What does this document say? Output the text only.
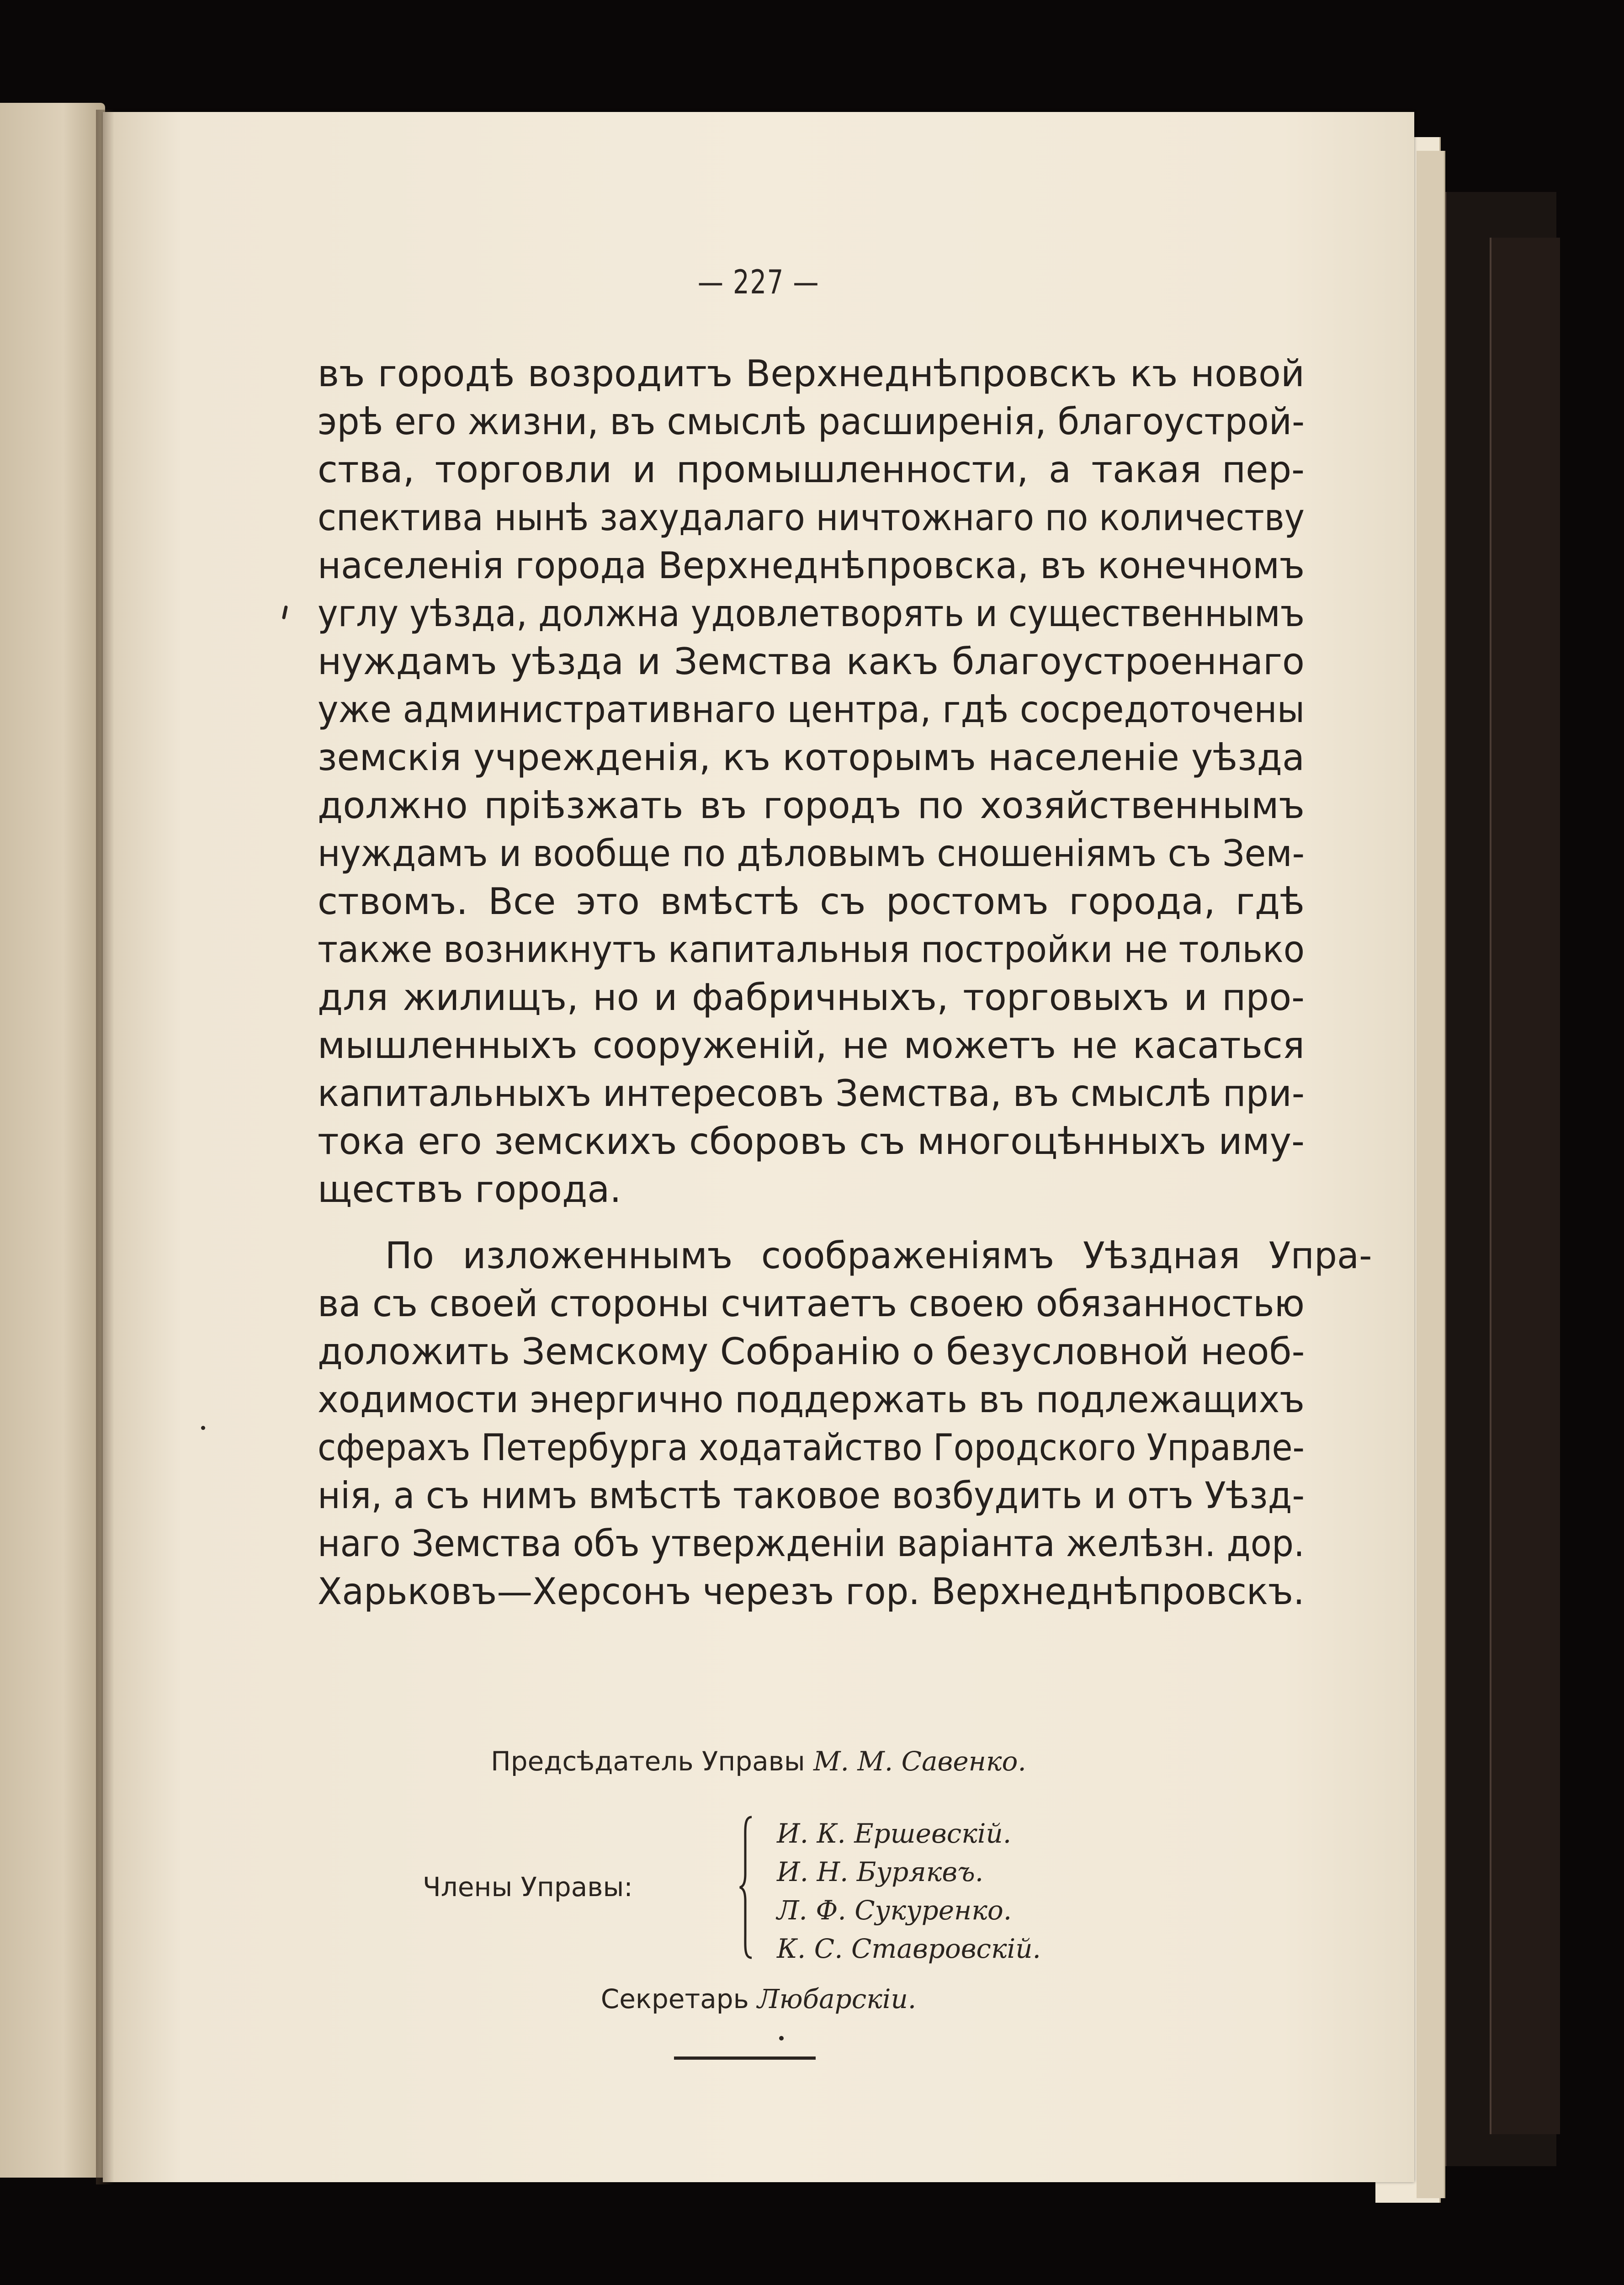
— 227 —
въ городѣ возродитъ Верхнеднѣпровскъ къ новой
эрѣ его жизни, въ смыслѣ расширенія, благоустрой-
ства, торговли и промышленности, а такая пер-
спектива нынѣ захудалаго ничтожнаго по количеству
населенія города Верхнеднѣпровска, въ конечномъ
углу уѣзда, должна удовлетворять и существеннымъ
нуждамъ уѣзда и Земства какъ благоустроеннаго
уже административнаго центра, гдѣ сосредоточены
земскія учрежденія, къ которымъ населеніе уѣзда
должно пріѣзжать въ городъ по хозяйственнымъ
нуждамъ и вообще по дѣловымъ сношеніямъ съ Зем-
ствомъ. Все это вмѣстѣ съ ростомъ города, гдѣ
также возникнутъ капитальныя постройки не только
для жилищъ, но и фабричныхъ, торговыхъ и про-
мышленныхъ сооруженій, не можетъ не касаться
капитальныхъ интересовъ Земства, въ смыслѣ при-
тока его земскихъ сборовъ съ многоцѣнныхъ иму-
ществъ города.
По изложеннымъ соображеніямъ Уѣздная Упра-
ва съ своей стороны считаетъ своею обязанностью
доложить Земскому Собранію о безусловной необ-
ходимости энергично поддержать въ подлежащихъ
сферахъ Петербурга ходатайство Городского Управле-
нія, а съ нимъ вмѣстѣ таковое возбудить и отъ Уѣзд-
наго Земства объ утвержденіи варіанта желѣзн. дор.
Харьковъ—Херсонъ черезъ гор. Верхнеднѣпровскъ.
Предсѣдатель Управы М. М. Савенко.
Члены Управы:
И. К. Ершевскій.
И. Н. Буряквъ.
Л. Ф. Сукуренко.
К. С. Ставровскій.
Секретарь Любарскіи.
